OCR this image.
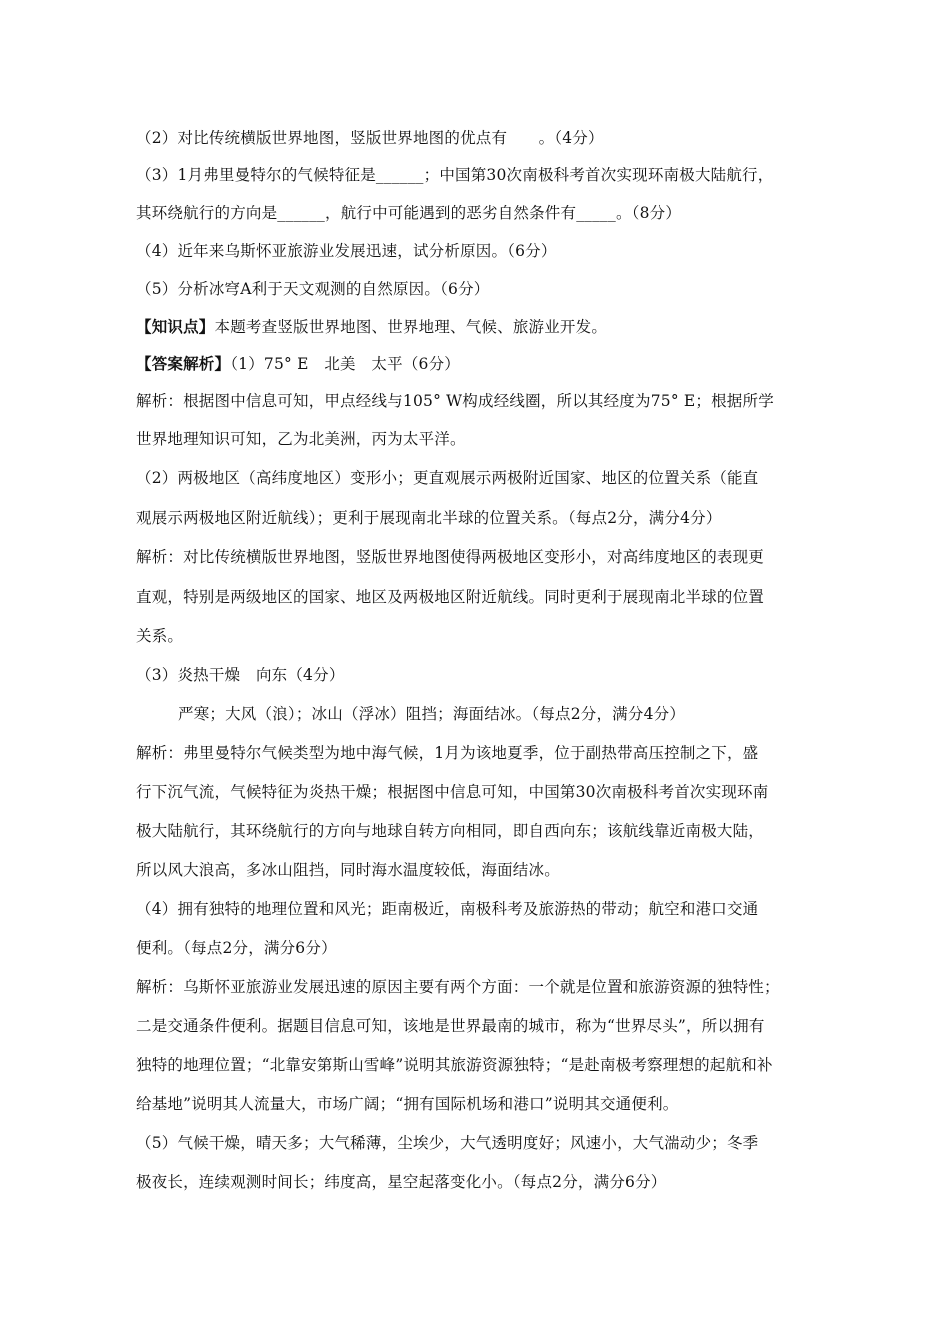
（2）对比传统横版世界地图，竖版世界地图的优点有　　。（4分）
（3）1月弗里曼特尔的气候特征是______；中国第30次南极科考首次实现环南极大陆航行，
其环绕航行的方向是______，航行中可能遇到的恶劣自然条件有_____。（8分）
（4）近年来乌斯怀亚旅游业发展迅速，试分析原因。（6分）
（5）分析冰穹A利于天文观测的自然原因。（6分）
【知识点】本题考查竖版世界地图、世界地理、气候、旅游业开发。
【答案解析】（1）75° E　北美　太平（6分）
解析：根据图中信息可知，甲点经线与105° W构成经线圈，所以其经度为75° E；根据所学
世界地理知识可知，乙为北美洲，丙为太平洋。
（2）两极地区（高纬度地区）变形小；更直观展示两极附近国家、地区的位置关系（能直
观展示两极地区附近航线）；更利于展现南北半球的位置关系。（每点2分，满分4分）
解析：对比传统横版世界地图，竖版世界地图使得两极地区变形小，对高纬度地区的表现更
直观，特别是两级地区的国家、地区及两极地区附近航线。同时更利于展现南北半球的位置
关系。
（3）炎热干燥　向东（4分）
严寒；大风（浪）；冰山（浮冰）阻挡；海面结冰。（每点2分，满分4分）
解析：弗里曼特尔气候类型为地中海气候，1月为该地夏季，位于副热带高压控制之下，盛
行下沉气流，气候特征为炎热干燥；根据图中信息可知，中国第30次南极科考首次实现环南
极大陆航行，其环绕航行的方向与地球自转方向相同，即自西向东；该航线靠近南极大陆，
所以风大浪高，多冰山阻挡，同时海水温度较低，海面结冰。
（4）拥有独特的地理位置和风光；距南极近，南极科考及旅游热的带动；航空和港口交通
便利。（每点2分，满分6分）
解析：乌斯怀亚旅游业发展迅速的原因主要有两个方面：一个就是位置和旅游资源的独特性；
二是交通条件便利。据题目信息可知，该地是世界最南的城市，称为“世界尽头”，所以拥有
独特的地理位置；“北靠安第斯山雪峰”说明其旅游资源独特；“是赴南极考察理想的起航和补
给基地”说明其人流量大，市场广阔；“拥有国际机场和港口”说明其交通便利。
（5）气候干燥，晴天多；大气稀薄，尘埃少，大气透明度好；风速小，大气湍动少；冬季
极夜长，连续观测时间长；纬度高，星空起落变化小。（每点2分，满分6分）
